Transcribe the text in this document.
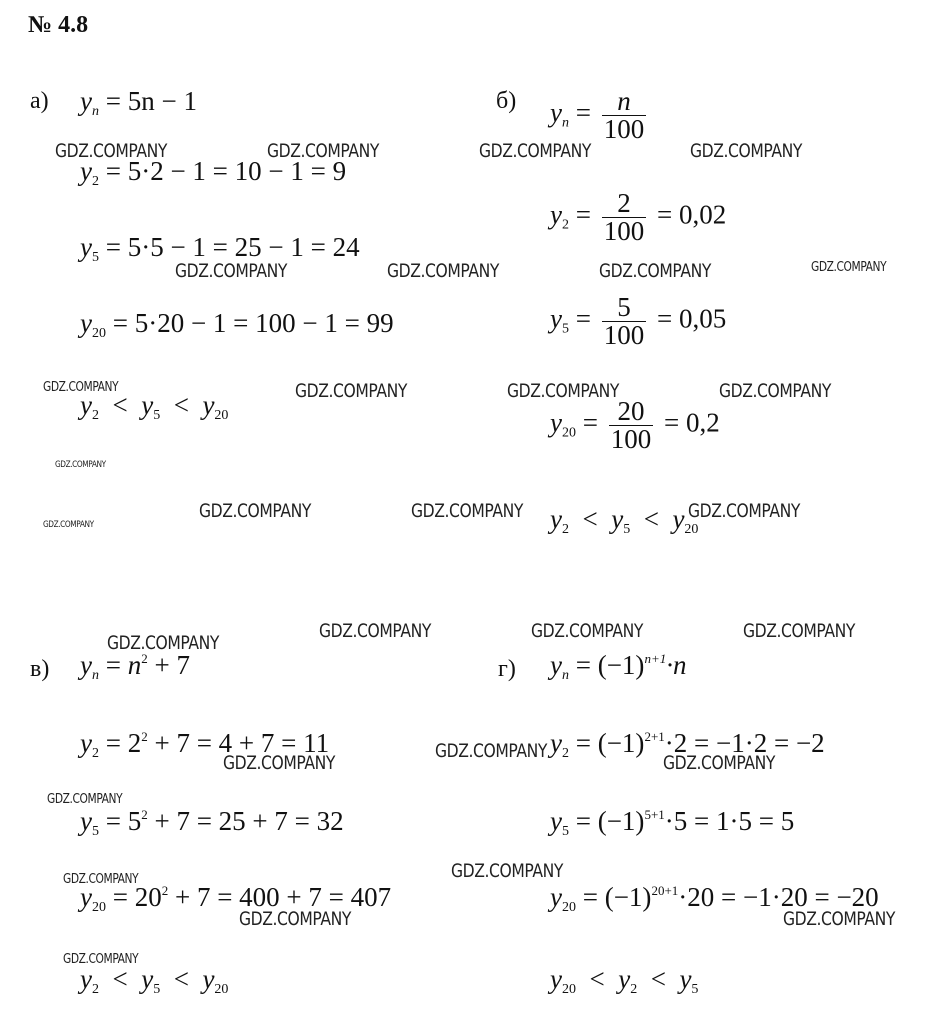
№ 4.8
а) $y_n = 5n - 1$
$y_2 = 5\cdot 2 - 1 = 10 - 1 = 9$
$y_5 = 5\cdot 5 - 1 = 25 - 1 = 24$
$y_{20} = 5\cdot 20 - 1 = 100 - 1 = 99$
$y_2 < y_5 < y_{20}$
б) $y_n = \frac{n}{100}$
$y_2 = \frac{2}{100} = 0,02$
$y_5 = \frac{5}{100} = 0,05$
$y_{20} = \frac{20}{100} = 0,2$
$y_2 < y_5 < y_{20}$
в) $y_n = n^2 + 7$
$y_2 = 2^2 + 7 = 4 + 7 = 11$
$y_5 = 5^2 + 7 = 25 + 7 = 32$
$y_{20} = 20^2 + 7 = 400 + 7 = 407$
$y_2 < y_5 < y_{20}$
г) $y_n = (-1)^{n+1}\cdot n$
$y_2 = (-1)^{2+1}\cdot 2 = -1\cdot 2 = -2$
$y_5 = (-1)^{5+1}\cdot 5 = 1\cdot 5 = 5$
$y_{20} = (-1)^{20+1}\cdot 20 = -1\cdot 20 = -20$
$y_{20} < y_2 < y_5$
GDZ.COMPANY	GDZ.COMPANY	GDZ.COMPANY	GDZ.COMPANY
GDZ.COMPANY	GDZ.COMPANY	GDZ.COMPANY	GDZ.COMPANY
GDZ.COMPANY	GDZ.COMPANY	GDZ.COMPANY	GDZ.COMPANY
GDZ.COMPANY
GDZ.COMPANY	GDZ.COMPANY	GDZ.COMPANY
GDZ.COMPANY
GDZ.COMPANY
GDZ.COMPANY	GDZ.COMPANY	GDZ.COMPANY
GDZ.COMPANY
GDZ.COMPANY	GDZ.COMPANY
GDZ.COMPANY
GDZ.COMPANY
GDZ.COMPANY
GDZ.COMPANY	GDZ.COMPANY
GDZ.COMPANY
